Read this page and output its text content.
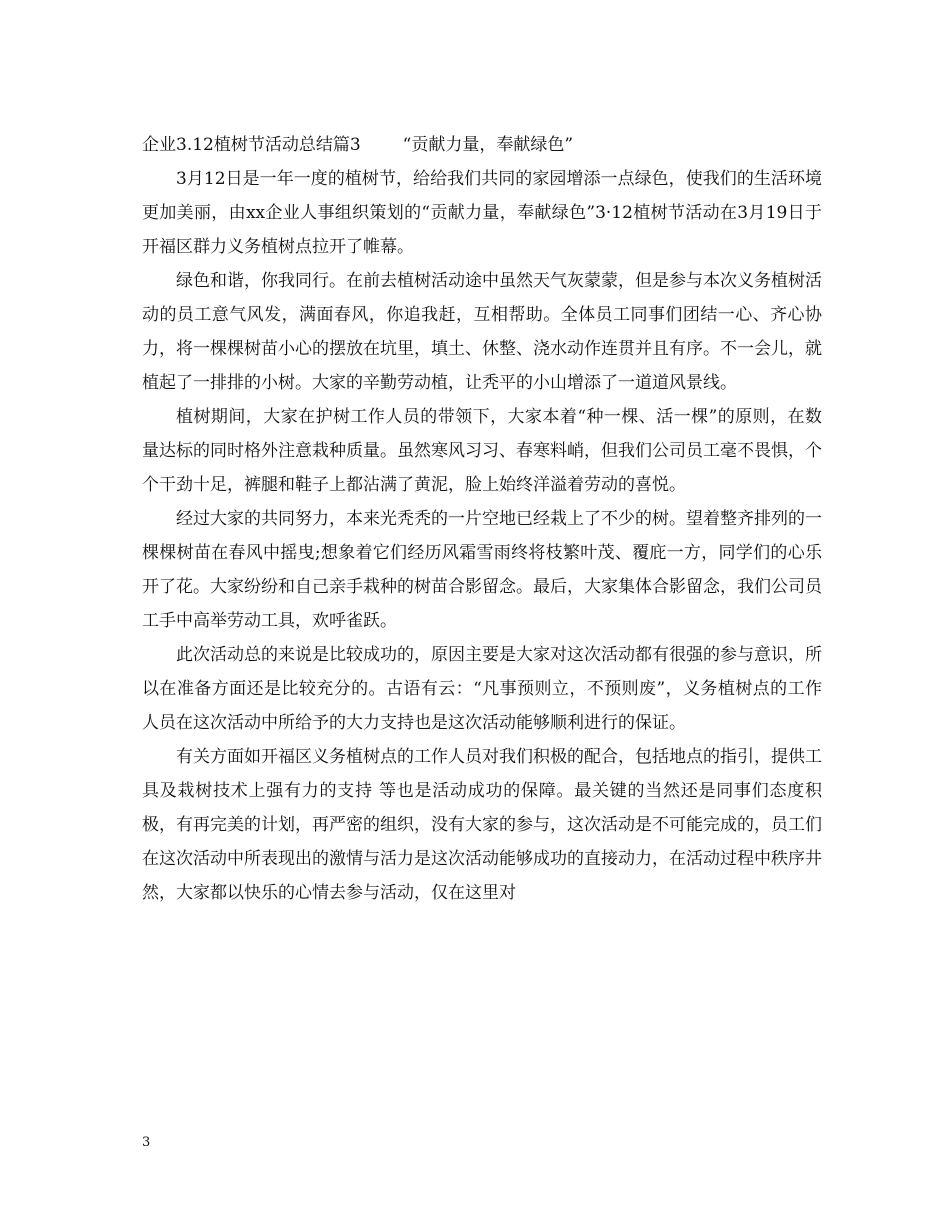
企业3.12植树节活动总结篇3 “贡献力量，奉献绿色”

3月12日是一年一度的植树节，给给我们共同的家园增添一点绿色，使我们的生活环境更加美丽，由xx企业人事组织策划的“贡献力量，奉献绿色”3·12植树节活动在3月19日于开福区群力义务植树点拉开了帷幕。

绿色和谐，你我同行。在前去植树活动途中虽然天气灰蒙蒙，但是参与本次义务植树活动的员工意气风发，满面春风，你追我赶，互相帮助。全体员工同事们团结一心、齐心协力，将一棵棵树苗小心的摆放在坑里，填土、休整、浇水动作连贯并且有序。不一会儿，就植起了一排排的小树。大家的辛勤劳动植，让秃平的小山增添了一道道风景线。

植树期间，大家在护树工作人员的带领下，大家本着“种一棵、活一棵”的原则，在数量达标的同时格外注意栽种质量。虽然寒风习习、春寒料峭，但我们公司员工毫不畏惧，个个干劲十足，裤腿和鞋子上都沾满了黄泥，脸上始终洋溢着劳动的喜悦。

经过大家的共同努力，本来光秃秃的一片空地已经栽上了不少的树。望着整齐排列的一棵棵树苗在春风中摇曳;想象着它们经历风霜雪雨终将枝繁叶茂、覆庇一方，同学们的心乐开了花。大家纷纷和自己亲手栽种的树苗合影留念。最后，大家集体合影留念，我们公司员工手中高举劳动工具，欢呼雀跃。

此次活动总的来说是比较成功的，原因主要是大家对这次活动都有很强的参与意识，所以在准备方面还是比较充分的。古语有云：“凡事预则立，不预则废”，义务植树点的工作人员在这次活动中所给予的大力支持也是这次活动能够顺利进行的保证。

有关方面如开福区义务植树点的工作人员对我们积极的配合，包括地点的指引，提供工具及栽树技术上强有力的支持 等也是活动成功的保障。最关键的当然还是同事们态度积极，有再完美的计划，再严密的组织，没有大家的参与，这次活动是不可能完成的，员工们在这次活动中所表现出的激情与活力是这次活动能够成功的直接动力，在活动过程中秩序井然，大家都以快乐的心情去参与活动，仅在这里对

3
